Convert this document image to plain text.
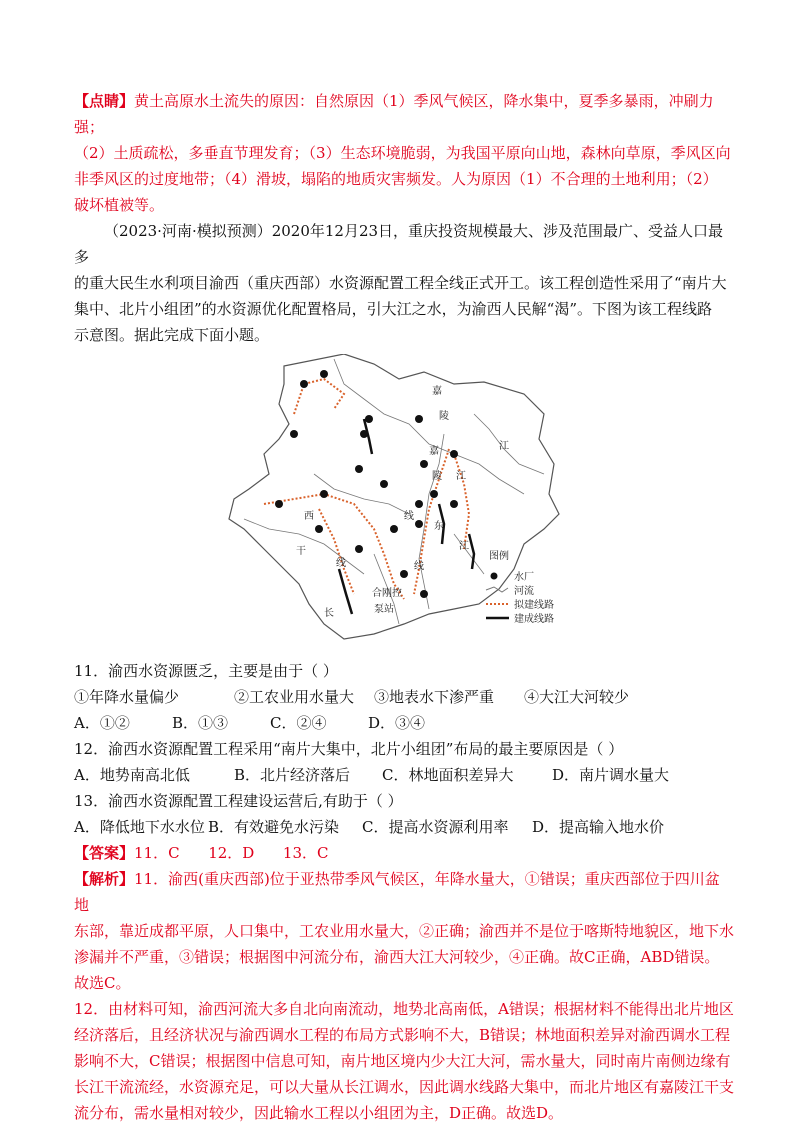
【点睛】黄土高原水土流失的原因：自然原因（1）季风气候区，降水集中，夏季多暴雨，冲刷力强；

（2）土质疏松，多垂直节理发育；（3）生态环境脆弱，为我国平原向山地，森林向草原，季风区向

非季风区的过度地带；（4）滑坡，塌陷的地质灾害频发。人为原因（1）不合理的土地利用；（2）

破坏植被等。

（2023·河南·模拟预测）2020年12月23日，重庆投资规模最大、涉及范围最广、受益人口最多

的重大民生水利项目渝西（重庆西部）水资源配置工程全线正式开工。该工程创造性采用了“南片大

集中、北片小组团”的水资源优化配置格局，引大江之水，为渝西人民解“渴”。下图为该工程线路

示意图。据此完成下面小题。

嘉
陵
江
嘉
陵 江
西
干
线
线
东
江
线
长
合刚控
泵站
图例
水厂
河流
拟建线路
建成线路

11．渝西水资源匮乏，主要是由于（ ）

①年降水量偏少	②工农业用水量大 ③地表水下渗严重 ④大江大河较少

A．①②	B．①③	C．②④	D．③④

12．渝西水资源配置工程采用“南片大集中，北片小组团”布局的最主要原因是（ ）

A．地势南高北低	B．北片经济落后 C．林地面积差异大	D．南片调水量大

13．渝西水资源配置工程建设运营后,有助于（ ）

A．降低地下水水位 B．有效避免水污染 C．提高水资源利用率 D．提高输入地水价

【答案】11．C      12．D      13．C

【解析】11．渝西(重庆西部)位于亚热带季风气候区，年降水量大，①错误；重庆西部位于四川盆地

东部，靠近成都平原，人口集中，工农业用水量大，②正确；渝西并不是位于喀斯特地貌区，地下水

渗漏并不严重，③错误；根据图中河流分布，渝西大江大河较少，④正确。故C正确，ABD错误。

故选C。

12．由材料可知，渝西河流大多自北向南流动，地势北高南低，A错误；根据材料不能得出北片地区

经济落后，且经济状况与渝西调水工程的布局方式影响不大，B错误；林地面积差异对渝西调水工程

影响不大，C错误；根据图中信息可知，南片地区境内少大江大河，需水量大，同时南片南侧边缘有

长江干流流经，水资源充足，可以大量从长江调水，因此调水线路大集中，而北片地区有嘉陵江干支

流分布，需水量相对较少，因此输水工程以小组团为主，D正确。故选D。
